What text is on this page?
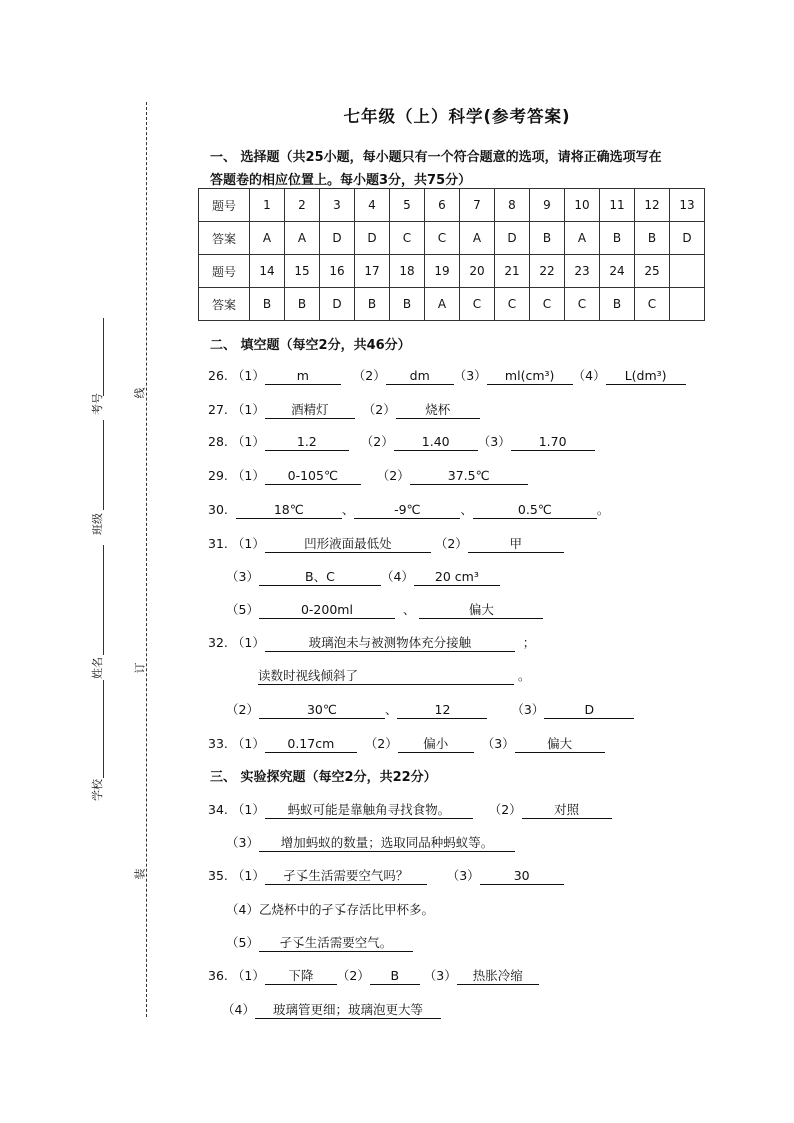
考号
班级
姓名
学校
线
订
装
七年级（上）科学(参考答案)
一、 选择题（共25小题，每小题只有一个符合题意的选项，请将正确选项写在
答题卷的相应位置上。每小题3分，共75分）
题号	1	2	3	4	5	6	7	8	9	10	11	12	13
答案	A	A	D	D	C	C	A	D	B	A	B	B	D
题号	14	15	16	17	18	19	20	21	22	23	24	25	
答案	B	B	D	B	B	A	C	C	C	C	B	C	
二、 填空题（每空2分，共46分）
26. （1）	m	（2） dm （3） ml(cm³) （4） L(dm³)
27. （1） 酒精灯	（2） 烧杯
28. （1）	1.2	（2） 1.40 （3） 1.70
29. （1） 0-105℃	（2）	37.5℃
30.	18℃	、	-9℃	、	0.5℃	。
31. （1）	凹形液面最低处	（2）	甲
（3）	B、C	（4） 20 cm³
（5）	0-200ml	、	偏大
32. （1）	玻璃泡未与被测物体充分接触	；
读数时视线倾斜了	。
（2）	30℃	、	12	（3）	D
33. （1） 0.17cm （2） 偏小	（3）	偏大
三、 实验探究题（每空2分，共22分）
34. （1） 蚂蚁可能是靠触角寻找食物。	（2）	对照
（3） 增加蚂蚁的数量；选取同品种蚂蚁等。
35. （1） 孑孓生活需要空气吗？	（3）	30
（4）乙烧杯中的孑孓存活比甲杯多。
（5） 孑孓生活需要空气。
36. （1） 下降 （2） B （3） 热胀冷缩
（4） 玻璃管更细；玻璃泡更大等
